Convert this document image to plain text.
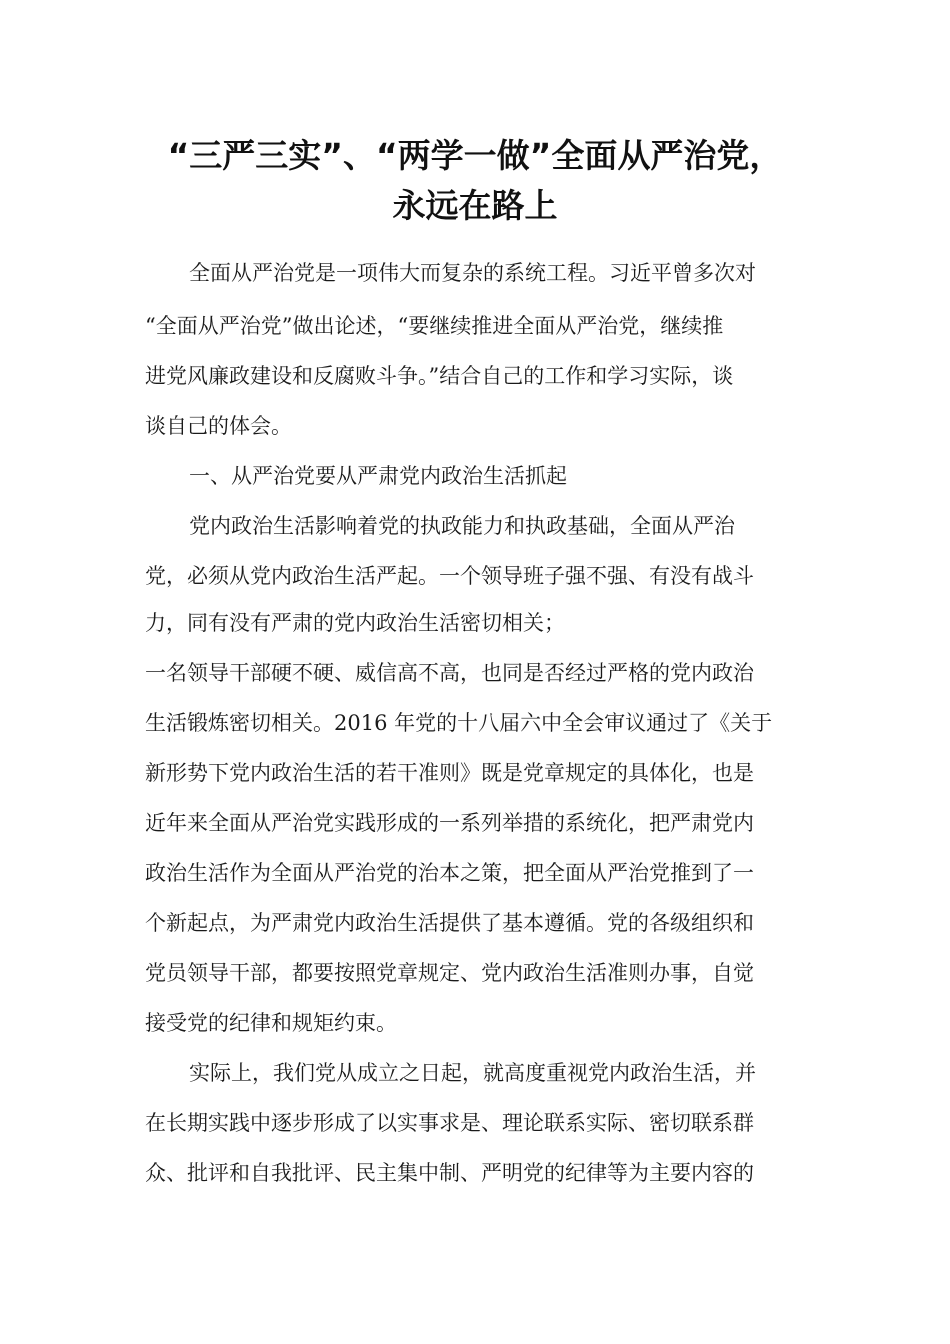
“三严三实”、“两学一做”全面从严治党，
永远在路上
全面从严治党是一项伟大而复杂的系统工程。习近平曾多次对
“全面从严治党”做出论述，“要继续推进全面从严治党，继续推
进党风廉政建设和反腐败斗争。”结合自己的工作和学习实际，谈
谈自己的体会。
一、从严治党要从严肃党内政治生活抓起
党内政治生活影响着党的执政能力和执政基础，全面从严治
党，必须从党内政治生活严起。一个领导班子强不强、有没有战斗
力，同有没有严肃的党内政治生活密切相关；
一名领导干部硬不硬、威信高不高，也同是否经过严格的党内政治
生活锻炼密切相关。2016 年党的十八届六中全会审议通过了《关于
新形势下党内政治生活的若干准则》既是党章规定的具体化，也是
近年来全面从严治党实践形成的一系列举措的系统化，把严肃党内
政治生活作为全面从严治党的治本之策，把全面从严治党推到了一
个新起点，为严肃党内政治生活提供了基本遵循。党的各级组织和
党员领导干部，都要按照党章规定、党内政治生活准则办事，自觉
接受党的纪律和规矩约束。
实际上，我们党从成立之日起，就高度重视党内政治生活，并
在长期实践中逐步形成了以实事求是、理论联系实际、密切联系群
众、批评和自我批评、民主集中制、严明党的纪律等为主要内容的
